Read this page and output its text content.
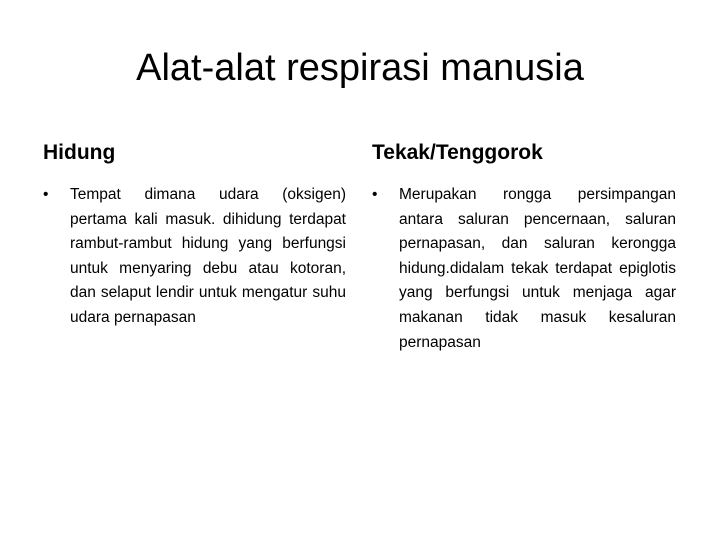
Alat-alat respirasi manusia
Hidung
• Tempat dimana udara (oksigen) pertama kali masuk. dihidung terdapat rambut-rambut hidung yang berfungsi untuk menyaring debu atau kotoran, dan selaput lendir untuk mengatur suhu udara pernapasan
Tekak/Tenggorok
• Merupakan rongga persimpangan antara saluran pencernaan, saluran pernapasan, dan saluran kerongga hidung.didalam tekak terdapat epiglotis yang berfungsi untuk menjaga agar makanan tidak masuk kesaluran pernapasan
